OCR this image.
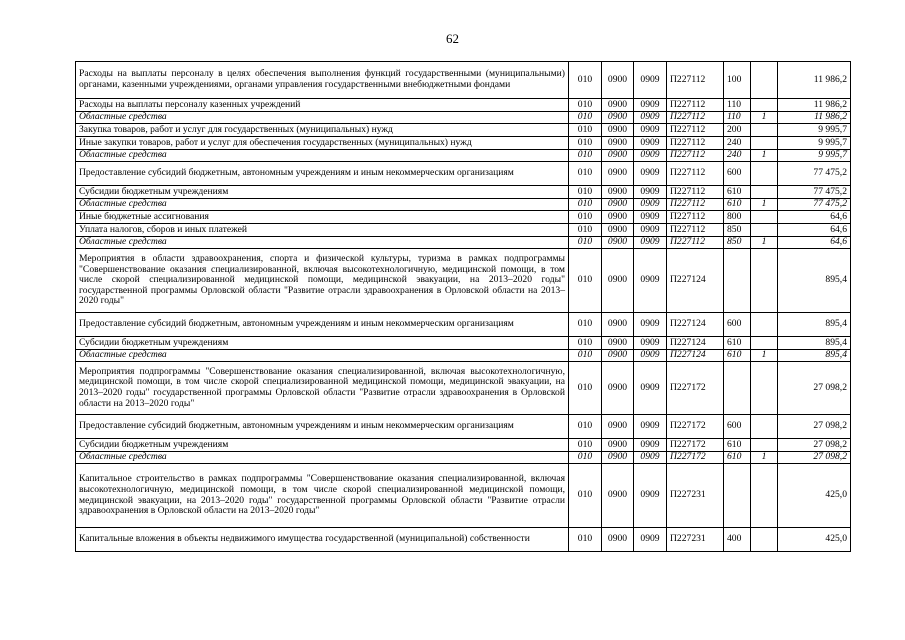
62
Расходы на выплаты персоналу в целях обеспечения выполнения функций государственными (муниципальными) органами, казенными учреждениями, органами управления государственными внебюджетными фондами	010	0900	0909	П227112	100		11 986,2
Расходы на выплаты персоналу казенных учреждений	010	0900	0909	П227112	110		11 986,2
Областные средства	010	0900	0909	П227112	110	1	11 986,2
Закупка товаров, работ и услуг для государственных (муниципальных) нужд	010	0900	0909	П227112	200		9 995,7
Иные закупки товаров, работ и услуг для обеспечения государственных (муниципальных) нужд	010	0900	0909	П227112	240		9 995,7
Областные средства	010	0900	0909	П227112	240	1	9 995,7
Предоставление субсидий бюджетным, автономным учреждениям и иным некоммерческим организациям	010	0900	0909	П227112	600		77 475,2
Субсидии бюджетным учреждениям	010	0900	0909	П227112	610		77 475,2
Областные средства	010	0900	0909	П227112	610	1	77 475,2
Иные бюджетные ассигнования	010	0900	0909	П227112	800		64,6
Уплата налогов, сборов и иных платежей	010	0900	0909	П227112	850		64,6
Областные средства	010	0900	0909	П227112	850	1	64,6
Мероприятия в области здравоохранения, спорта и физической культуры, туризма в рамках подпрограммы "Совершенствование оказания специализированной, включая высокотехнологичную, медицинской помощи, в том числе скорой специализированной медицинской помощи, медицинской эвакуации, на 2013–2020 годы" государственной программы Орловской области "Развитие отрасли здравоохранения в Орловской области на 2013–2020 годы"	010	0900	0909	П227124			895,4
Предоставление субсидий бюджетным, автономным учреждениям и иным некоммерческим организациям	010	0900	0909	П227124	600		895,4
Субсидии бюджетным учреждениям	010	0900	0909	П227124	610		895,4
Областные средства	010	0900	0909	П227124	610	1	895,4
Мероприятия подпрограммы "Совершенствование оказания специализированной, включая высокотехнологичную, медицинской помощи, в том числе скорой специализированной медицинской помощи, медицинской эвакуации, на 2013–2020 годы" государственной программы Орловской области "Развитие отрасли здравоохранения в Орловской области на 2013–2020 годы"	010	0900	0909	П227172			27 098,2
Предоставление субсидий бюджетным, автономным учреждениям и иным некоммерческим организациям	010	0900	0909	П227172	600		27 098,2
Субсидии бюджетным учреждениям	010	0900	0909	П227172	610		27 098,2
Областные средства	010	0900	0909	П227172	610	1	27 098,2
Капитальное строительство в рамках подпрограммы "Совершенствование оказания специализированной, включая высокотехнологичную, медицинской помощи, в том числе скорой специализированной медицинской помощи, медицинской эвакуации, на 2013–2020 годы" государственной программы Орловской области "Развитие отрасли здравоохранения в Орловской области на 2013–2020 годы"	010	0900	0909	П227231			425,0
Капитальные вложения в объекты недвижимого имущества государственной (муниципальной) собственности	010	0900	0909	П227231	400		425,0
